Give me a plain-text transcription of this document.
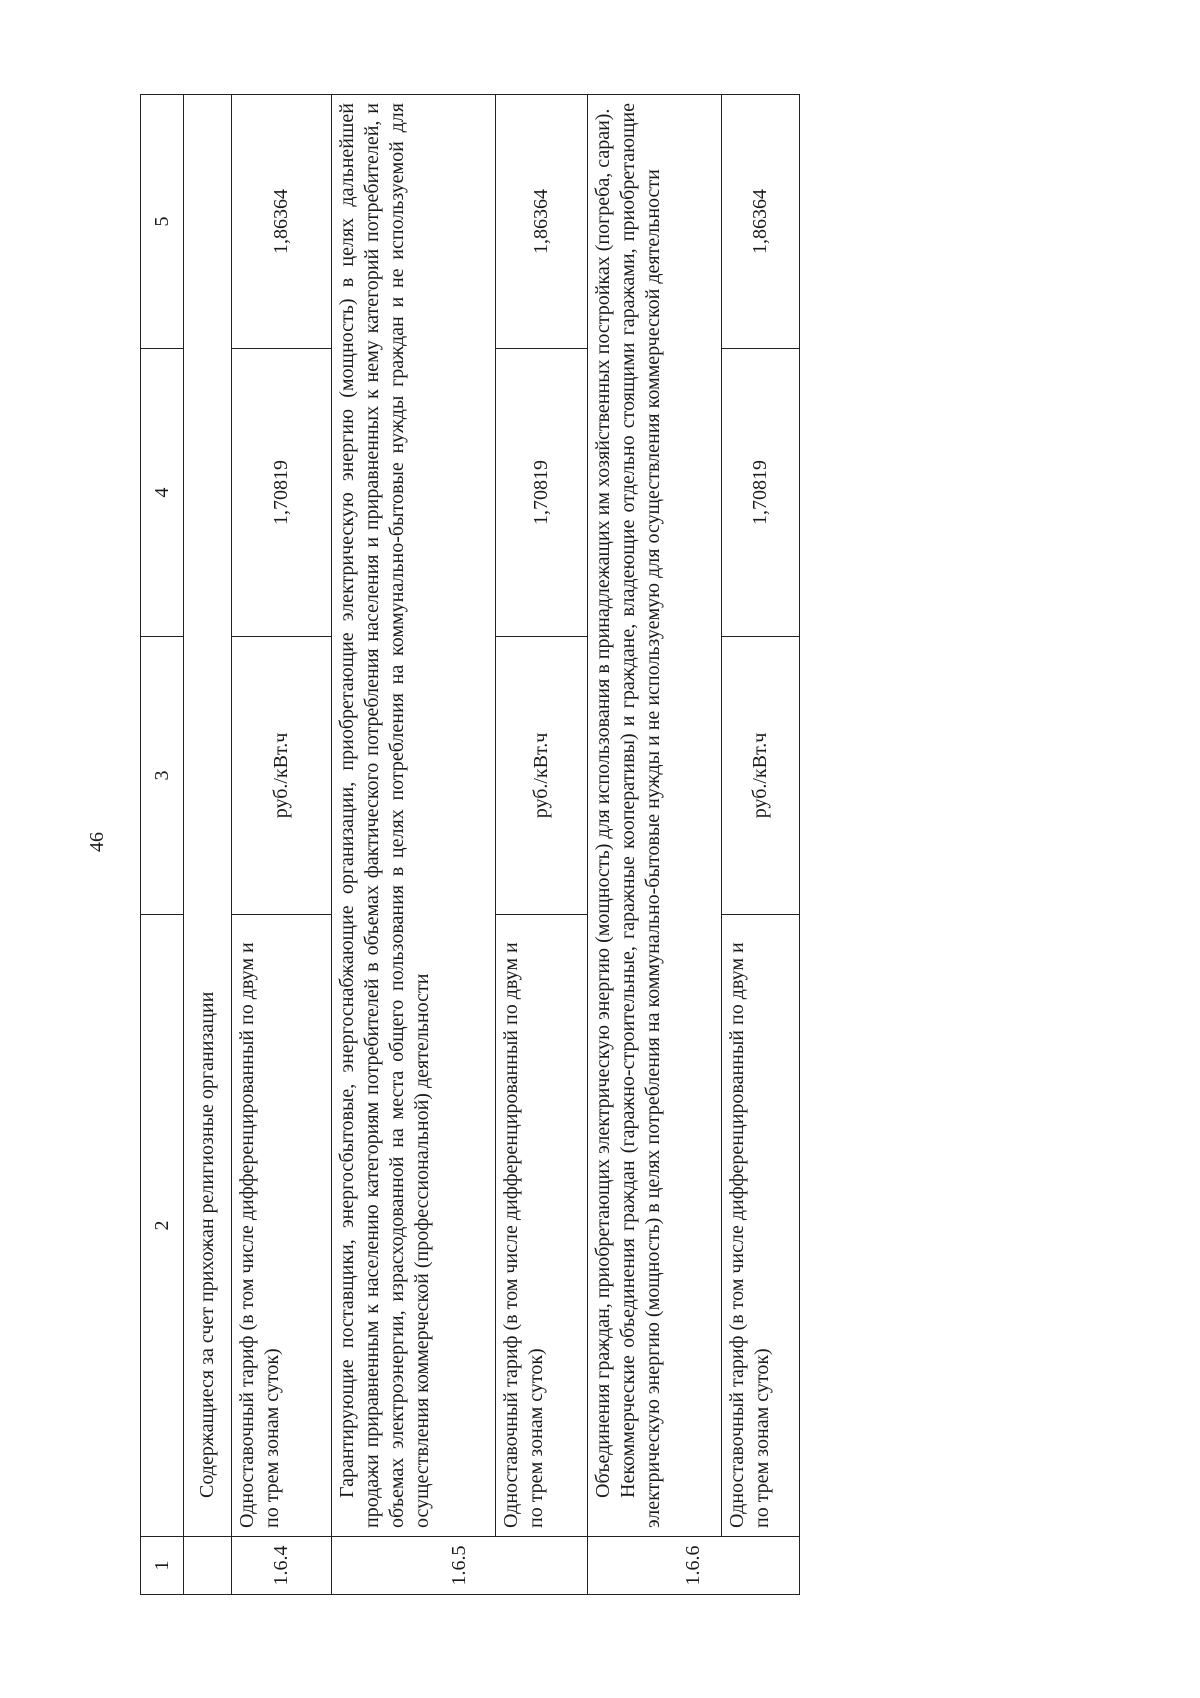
46
1	2	3	4	5
	Содержащиеся за счет прихожан религиозные организации			
1.6.4	Одноставочный тариф (в том числе дифференцированный по двум и по трем зонам суток)	руб./кВт.ч	1,70819	1,86364
1.6.5	Гарантирующие поставщики, энергосбытовые, энергоснабжающие организации, приобретающие электрическую энергию (мощность) в целях дальнейшей продажи приравненным к населению категориям потребителей в объемах фактического потребления населения и приравненных к нему категорий потребителей, и объемах электроэнергии, израсходованной на места общего пользования в целях потребления на коммунально-бытовые нужды граждан и не используемой для осуществления коммерческой (профессиональной) деятельности			
	Одноставочный тариф (в том числе дифференцированный по двум и по трем зонам суток)	руб./кВт.ч	1,70819	1,86364
1.6.6	Объединения граждан, приобретающих электрическую энергию (мощность) для использования в принадлежащих им хозяйственных постройках (погреба, сараи). Некоммерческие объединения граждан (гаражно-строительные, гаражные кооперативы) и граждане, владеющие отдельно стоящими гаражами, приобретающие электрическую энергию (мощность) в целях потребления на коммунально-бытовые нужды и не используемую для осуществления коммерческой деятельности			

	Одноставочный тариф (в том числе дифференцированный по двум и по трем зонам суток)	руб./кВт.ч	1,70819	1,86364
